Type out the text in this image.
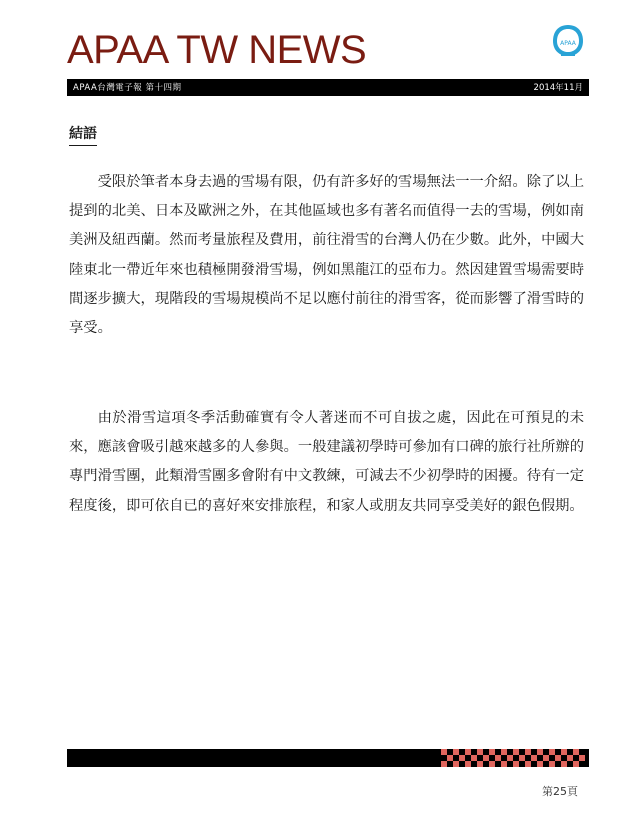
APAA TW NEWS	APAA
APAA台灣電子報 第十四期	2014年11月
結語

受限於筆者本身去過的雪場有限，仍有許多好的雪場無法一一介紹。除了以上提到的北美、日本及歐洲之外，在其他區域也多有著名而值得一去的雪場，例如南美洲及紐西蘭。然而考量旅程及費用，前往滑雪的台灣人仍在少數。此外，中國大陸東北一帶近年來也積極開發滑雪場，例如黑龍江的亞布力。然因建置雪場需要時間逐步擴大，現階段的雪場規模尚不足以應付前往的滑雪客，從而影響了滑雪時的享受。

由於滑雪這項冬季活動確實有令人著迷而不可自拔之處，因此在可預見的未來，應該會吸引越來越多的人參與。一般建議初學時可參加有口碑的旅行社所辦的專門滑雪團，此類滑雪團多會附有中文教練，可減去不少初學時的困擾。待有一定程度後，即可依自已的喜好來安排旅程，和家人或朋友共同享受美好的銀色假期。

第25頁
